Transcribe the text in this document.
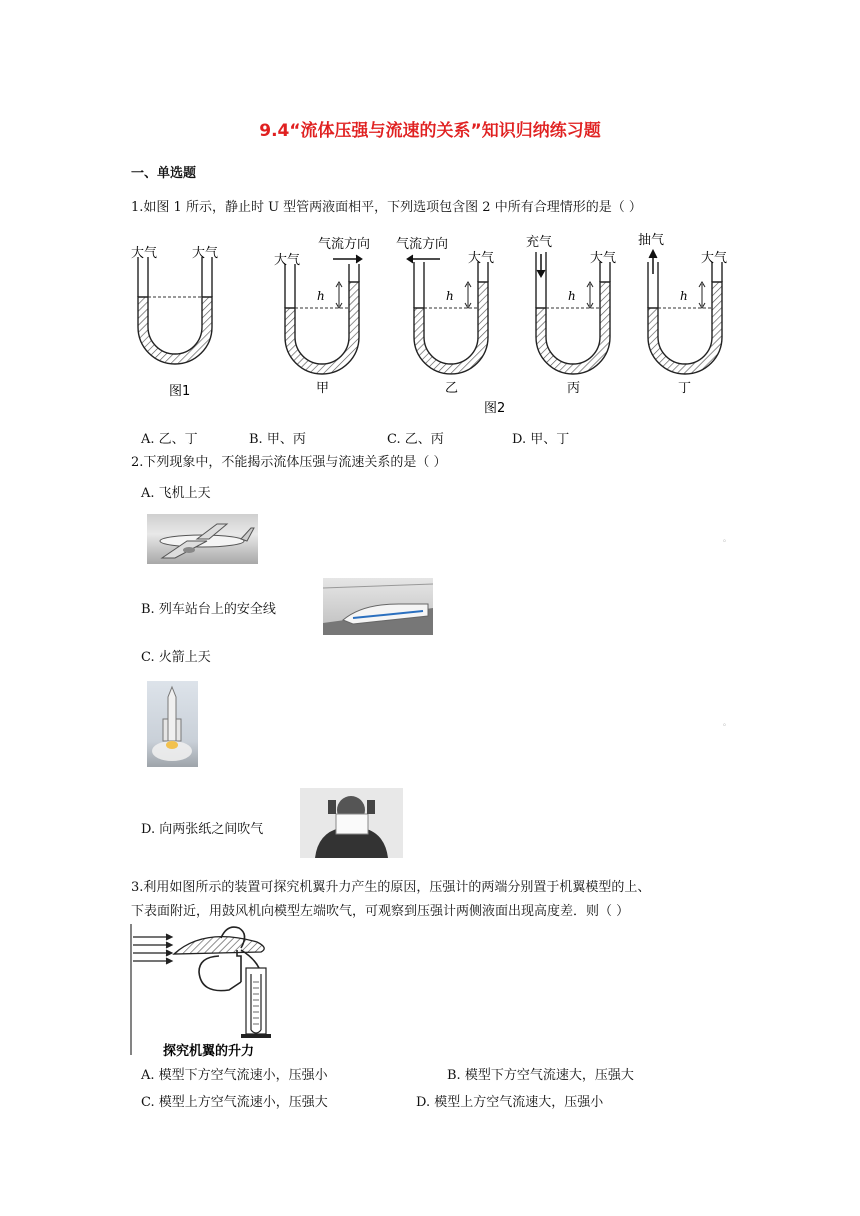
9.4“流体压强与流速的关系”知识归纳练习题
一、单选题
1.如图 1 所示，静止时 U 型管两液面相平，下列选项包含图 2 中所有合理情形的是（ ）
大气	大气
图1
h
大气
气流方向
甲
h
气流方向
大气
乙
h
充气
大气
丙
h
抽气
大气
丁
图2
A. 乙、丁	B. 甲、丙	C. 乙、丙	D. 甲、丁
2.下列现象中，不能揭示流体压强与流速关系的是（ ）
A. 飞机上天
。
B. 列车站台上的安全线
C. 火箭上天
。
D. 向两张纸之间吹气
3.利用如图所示的装置可探究机翼升力产生的原因，压强计的两端分别置于机翼模型的上、
下表面附近，用鼓风机向模型左端吹气，可观察到压强计两侧液面出现高度差．则（ ）
探究机翼的升力
A. 模型下方空气流速小，压强小	B. 模型下方空气流速大，压强大
C. 模型上方空气流速小，压强大	D. 模型上方空气流速大，压强小
